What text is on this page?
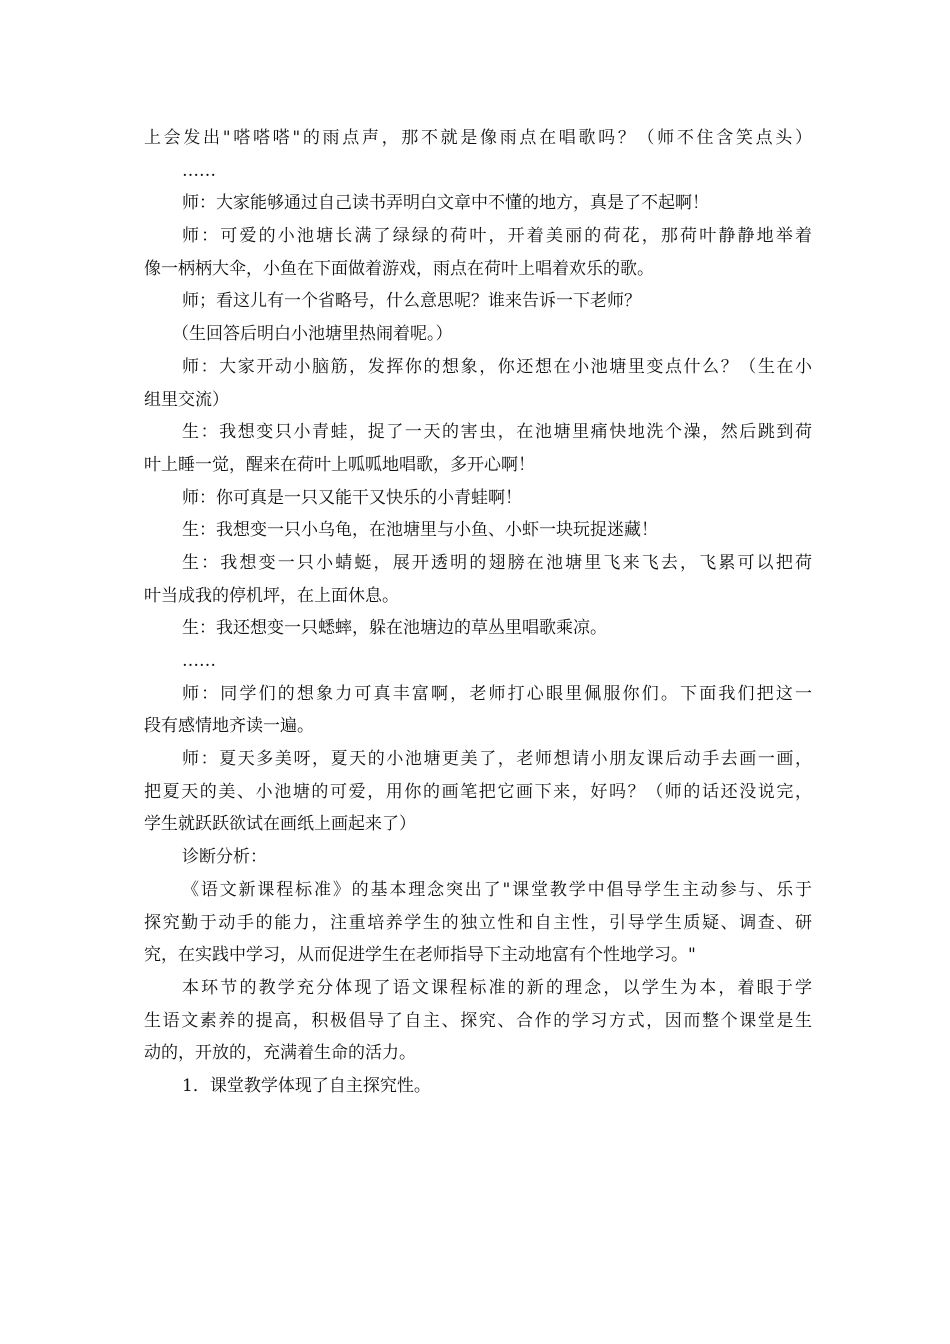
上会发出"嗒嗒嗒"的雨点声，那不就是像雨点在唱歌吗？（师不住含笑点头）
……
师：大家能够通过自己读书弄明白文章中不懂的地方，真是了不起啊！
师：可爱的小池塘长满了绿绿的荷叶，开着美丽的荷花，那荷叶静静地举着
像一柄柄大伞，小鱼在下面做着游戏，雨点在荷叶上唱着欢乐的歌。
师；看这儿有一个省略号，什么意思呢？谁来告诉一下老师？
（生回答后明白小池塘里热闹着呢。）
师：大家开动小脑筋，发挥你的想象，你还想在小池塘里变点什么？（生在小
组里交流）
生：我想变只小青蛙，捉了一天的害虫，在池塘里痛快地洗个澡，然后跳到荷
叶上睡一觉，醒来在荷叶上呱呱地唱歌，多开心啊！
师：你可真是一只又能干又快乐的小青蛙啊！
生：我想变一只小乌龟，在池塘里与小鱼、小虾一块玩捉迷藏！
生：我想变一只小蜻蜓，展开透明的翅膀在池塘里飞来飞去，飞累可以把荷
叶当成我的停机坪，在上面休息。
生：我还想变一只蟋蟀，躲在池塘边的草丛里唱歌乘凉。
……
师：同学们的想象力可真丰富啊，老师打心眼里佩服你们。下面我们把这一
段有感情地齐读一遍。
师：夏天多美呀，夏天的小池塘更美了，老师想请小朋友课后动手去画一画，
把夏天的美、小池塘的可爱，用你的画笔把它画下来，好吗？（师的话还没说完，
学生就跃跃欲试在画纸上画起来了）
诊断分析：
《语文新课程标准》的基本理念突出了"课堂教学中倡导学生主动参与、乐于
探究勤于动手的能力，注重培养学生的独立性和自主性，引导学生质疑、调查、研
究，在实践中学习，从而促进学生在老师指导下主动地富有个性地学习。"
本环节的教学充分体现了语文课程标准的新的理念，以学生为本，着眼于学
生语文素养的提高，积极倡导了自主、探究、合作的学习方式，因而整个课堂是生
动的，开放的，充满着生命的活力。
1．课堂教学体现了自主探究性。
